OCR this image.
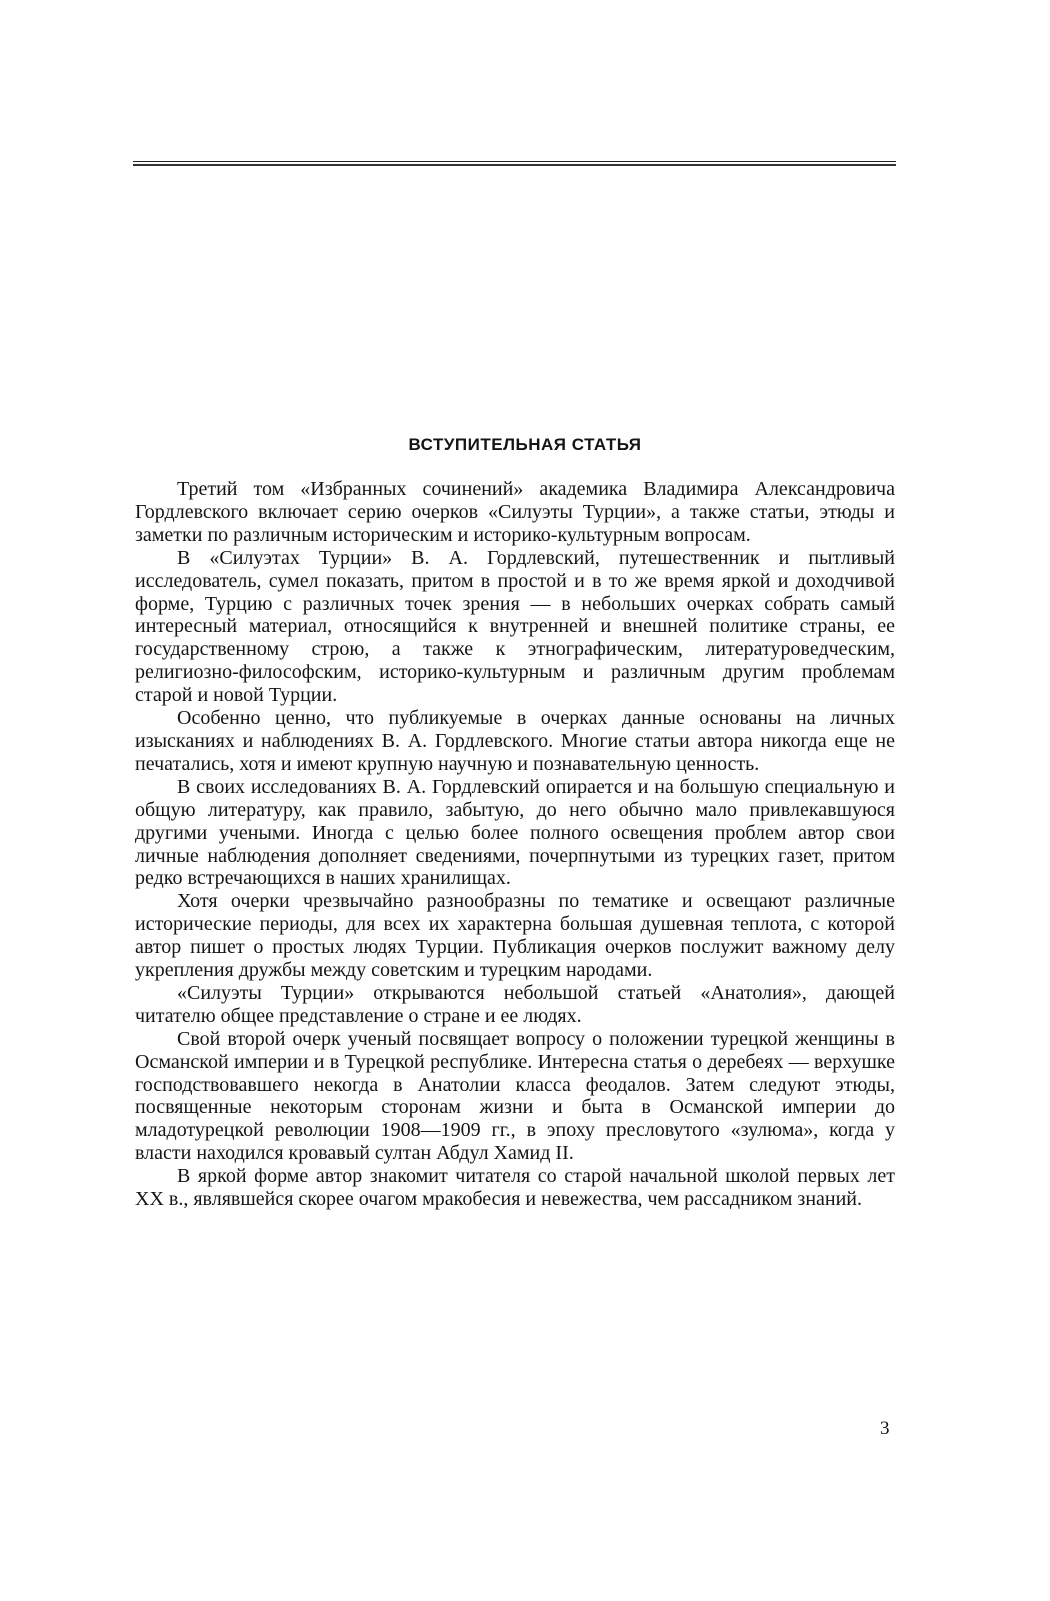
ВСТУПИТЕЛЬНАЯ СТАТЬЯ

Третий том «Избранных сочинений» академика Владимира Александровича Гордлевского включает серию очерков «Силуэты Турции», а также статьи, этюды и заметки по различным историческим и историко-культурным вопросам.

В «Силуэтах Турции» В. А. Гордлевский, путешественник и пытливый исследователь, сумел показать, притом в простой и в то же время яркой и доходчивой форме, Турцию с различных точек зрения — в небольших очерках собрать самый интересный материал, относящийся к внутренней и внешней политике страны, ее государственному строю, а также к этнографическим, литературоведческим, религиозно-философским, историко-культурным и различным другим проблемам старой и новой Турции.

Особенно ценно, что публикуемые в очерках данные основаны на личных изысканиях и наблюдениях В. А. Гордлевского. Многие статьи автора никогда еще не печатались, хотя и имеют крупную научную и познавательную ценность.

В своих исследованиях В. А. Гордлевский опирается и на большую специальную и общую литературу, как правило, забытую, до него обычно мало привлекавшуюся другими учеными. Иногда с целью более полного освещения проблем автор свои личные наблюдения дополняет сведениями, почерпнутыми из турецких газет, притом редко встречающихся в наших хранилищах.

Хотя очерки чрезвычайно разнообразны по тематике и освещают различные исторические периоды, для всех их характерна большая душевная теплота, с которой автор пишет о простых людях Турции. Публикация очерков послужит важному делу укрепления дружбы между советским и турецким народами.

«Силуэты Турции» открываются небольшой статьей «Анатолия», дающей читателю общее представление о стране и ее людях.

Свой второй очерк ученый посвящает вопросу о положении турецкой женщины в Османской империи и в Турецкой республике. Интересна статья о деребеях — верхушке господствовавшего некогда в Анатолии класса феодалов. Затем следуют этюды, посвященные некоторым сторонам жизни и быта в Османской империи до младотурецкой революции 1908—1909 гг., в эпоху пресловутого «зулюма», когда у власти находился кровавый султан Абдул Хамид II.

В яркой форме автор знакомит читателя со старой начальной школой первых лет XX в., являвшейся скорее очагом мракобесия и невежества, чем рассадником знаний.

3
